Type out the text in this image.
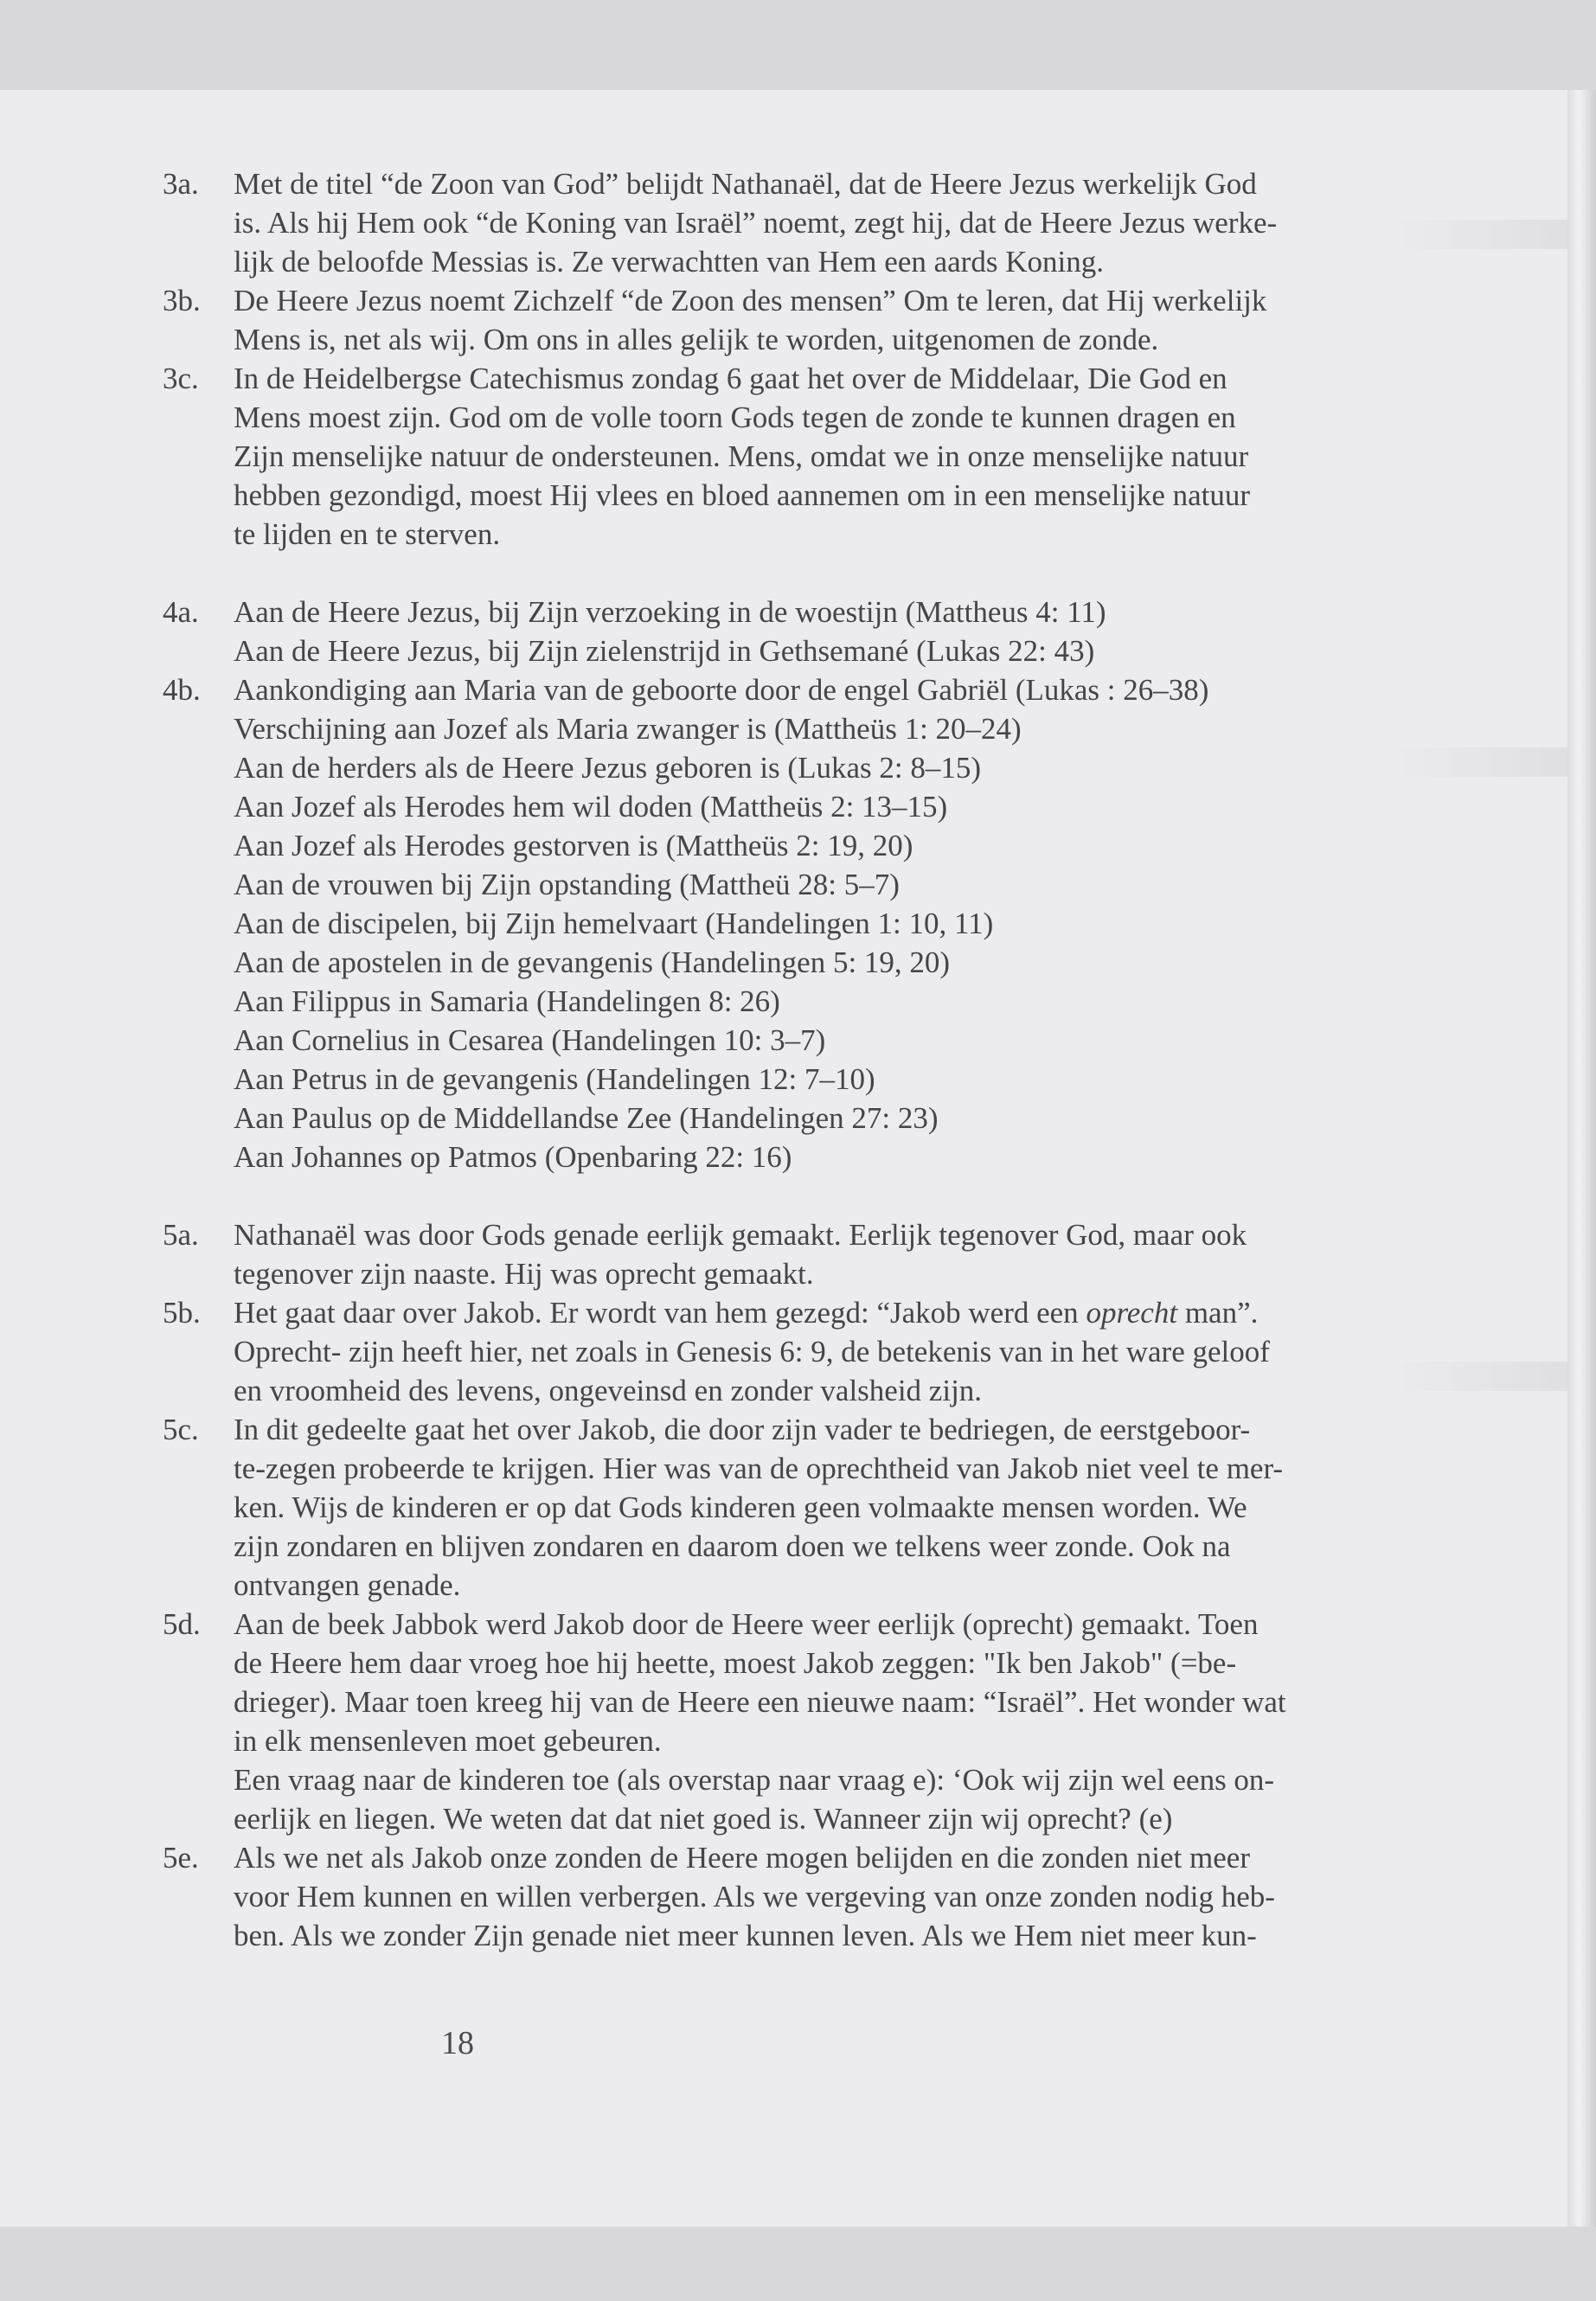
3a.	Met de titel “de Zoon van God” belijdt Nathanaël, dat de Heere Jezus werkelijk God
is. Als hij Hem ook “de Koning van Israël” noemt, zegt hij, dat de Heere Jezus werke-
lijk de beloofde Messias is. Ze verwachtten van Hem een aards Koning.
3b.	De Heere Jezus noemt Zichzelf “de Zoon des mensen” Om te leren, dat Hij werkelijk
Mens is, net als wij. Om ons in alles gelijk te worden, uitgenomen de zonde.
3c.	In de Heidelbergse Catechismus zondag 6 gaat het over de Middelaar, Die God en
Mens moest zijn. God om de volle toorn Gods tegen de zonde te kunnen dragen en
Zijn menselijke natuur de ondersteunen. Mens, omdat we in onze menselijke natuur
hebben gezondigd, moest Hij vlees en bloed aannemen om in een menselijke natuur
te lijden en te sterven.
4a.	Aan de Heere Jezus, bij Zijn verzoeking in de woestijn (Mattheus 4: 11)
Aan de Heere Jezus, bij Zijn zielenstrijd in Gethsemané (Lukas 22: 43)
4b.	Aankondiging aan Maria van de geboorte door de engel Gabriël (Lukas : 26–38)
Verschijning aan Jozef als Maria zwanger is (Mattheüs 1: 20–24)
Aan de herders als de Heere Jezus geboren is (Lukas 2: 8–15)
Aan Jozef als Herodes hem wil doden (Mattheüs 2: 13–15)
Aan Jozef als Herodes gestorven is (Mattheüs 2: 19, 20)
Aan de vrouwen bij Zijn opstanding (Mattheü 28: 5–7)
Aan de discipelen, bij Zijn hemelvaart (Handelingen 1: 10, 11)
Aan de apostelen in de gevangenis (Handelingen 5: 19, 20)
Aan Filippus in Samaria (Handelingen 8: 26)
Aan Cornelius in Cesarea (Handelingen 10: 3–7)
Aan Petrus in de gevangenis (Handelingen 12: 7–10)
Aan Paulus op de Middellandse Zee (Handelingen 27: 23)
Aan Johannes op Patmos (Openbaring 22: 16)
5a.	Nathanaël was door Gods genade eerlijk gemaakt. Eerlijk tegenover God, maar ook
tegenover zijn naaste. Hij was oprecht gemaakt.
5b.	Het gaat daar over Jakob. Er wordt van hem gezegd: “Jakob werd een oprecht man”.
Oprecht- zijn heeft hier, net zoals in Genesis 6: 9, de betekenis van in het ware geloof
en vroomheid des levens, ongeveinsd en zonder valsheid zijn.
5c.	In dit gedeelte gaat het over Jakob, die door zijn vader te bedriegen, de eerstgeboor-
te-zegen probeerde te krijgen. Hier was van de oprechtheid van Jakob niet veel te mer-
ken. Wijs de kinderen er op dat Gods kinderen geen volmaakte mensen worden. We
zijn zondaren en blijven zondaren en daarom doen we telkens weer zonde. Ook na
ontvangen genade.
5d.	Aan de beek Jabbok werd Jakob door de Heere weer eerlijk (oprecht) gemaakt. Toen
de Heere hem daar vroeg hoe hij heette, moest Jakob zeggen: "Ik ben Jakob" (=be-
drieger). Maar toen kreeg hij van de Heere een nieuwe naam: “Israël”. Het wonder wat
in elk mensenleven moet gebeuren.
Een vraag naar de kinderen toe (als overstap naar vraag e): ‘Ook wij zijn wel eens on-
eerlijk en liegen. We weten dat dat niet goed is. Wanneer zijn wij oprecht? (e)
5e.	Als we net als Jakob onze zonden de Heere mogen belijden en die zonden niet meer
voor Hem kunnen en willen verbergen. Als we vergeving van onze zonden nodig heb-
ben. Als we zonder Zijn genade niet meer kunnen leven. Als we Hem niet meer kun-
18
